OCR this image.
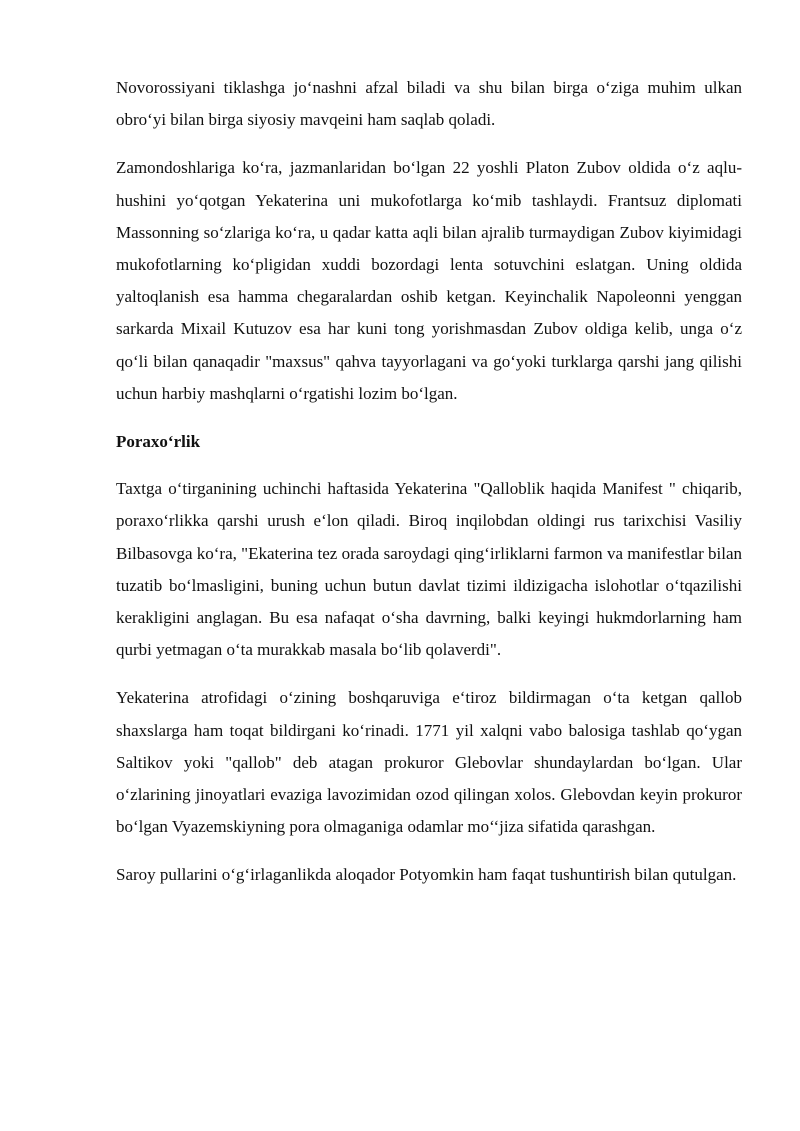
Novorossiyani tiklashga jo‘nashni afzal biladi va shu bilan birga o‘ziga muhim ulkan obro‘yi bilan birga siyosiy mavqeini ham saqlab qoladi.

Zamondoshlariga ko‘ra, jazmanlaridan bo‘lgan 22 yoshli Platon Zubov oldida o‘z aqlu-hushini yo‘qotgan Yekaterina uni mukofotlarga ko‘mib tashlaydi. Frantsuz diplomati Massonning so‘zlariga ko‘ra, u qadar katta aqli bilan ajralib turmaydigan Zubov kiyimidagi mukofotlarning ko‘pligidan xuddi bozordagi lenta sotuvchini eslatgan. Uning oldida yaltoqlanish esa hamma chegaralardan oshib ketgan. Keyinchalik Napoleonni yenggan sarkarda Mixail Kutuzov esa har kuni tong yorishmasdan Zubov oldiga kelib, unga o‘z qo‘li bilan qanaqadir "maxsus" qahva tayyorlagani va go‘yoki turklarga qarshi jang qilishi uchun harbiy mashqlarni o‘rgatishi lozim bo‘lgan.

Poraxo‘rlik

Taxtga o‘tirganining uchinchi haftasida Yekaterina "Qalloblik haqida Manifest " chiqarib, poraxo‘rlikka qarshi urush e‘lon qiladi. Biroq inqilobdan oldingi rus tarixchisi Vasiliy Bilbasovga ko‘ra, "Ekaterina tez orada saroydagi qing‘irliklarni farmon va manifestlar bilan tuzatib bo‘lmasligini, buning uchun butun davlat tizimi ildizigacha islohotlar o‘tqazilishi kerakligini anglagan. Bu esa nafaqat o‘sha davrning, balki keyingi hukmdorlarning ham qurbi yetmagan o‘ta murakkab masala bo‘lib qolaverdi".

Yekaterina atrofidagi o‘zining boshqaruviga e‘tiroz bildirmagan o‘ta ketgan qallob shaxslarga ham toqat bildirgani ko‘rinadi. 1771 yil xalqni vabo balosiga tashlab qo‘ygan Saltikov yoki "qallob" deb atagan prokuror Glebovlar shundaylardan bo‘lgan. Ular o‘zlarining jinoyatlari evaziga lavozimidan ozod qilingan xolos. Glebovdan keyin prokuror bo‘lgan Vyazemskiyning pora olmaganiga odamlar mo‘‘jiza sifatida qarashgan.

Saroy pullarini o‘g‘irlaganlikda aloqador Potyomkin ham faqat tushuntirish bilan qutulgan.
